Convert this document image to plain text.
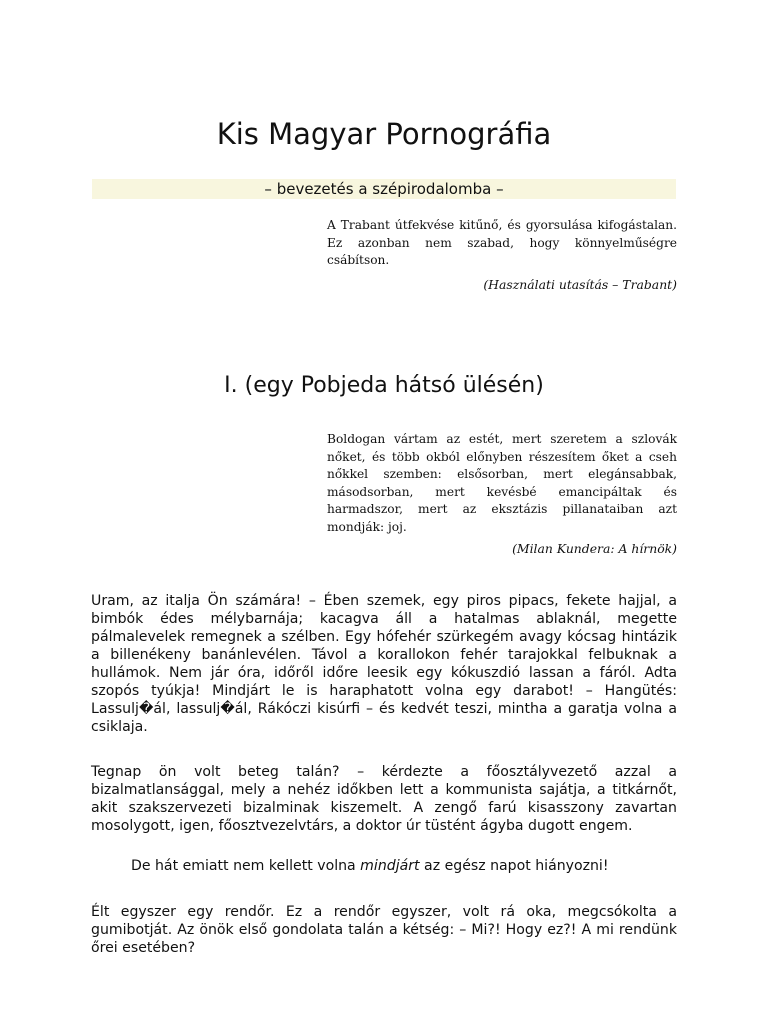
Kis Magyar Pornográfia

– bevezetés a szépirodalomba –

A Trabant útfekvése kitűnő, és gyorsulása kifogástalan. Ez azonban nem szabad, hogy könnyelműségre csábítson.

(Használati utasítás – Trabant)

I. (egy Pobjeda hátsó ülésén)

Boldogan vártam az estét, mert szeretem a szlovák nőket, és több okból előnyben részesítem őket a cseh nőkkel szemben: elsősorban, mert elegánsabbak, másodsorban, mert kevésbé emancipáltak és harmadszor, mert az eksztázis pillanataiban azt mondják: joj.

(Milan Kundera: A hírnök)

Uram, az italja Ön számára! – Ében szemek, egy piros pipacs, fekete hajjal, a bimbók édes mélybarnája; kacagva áll a hatalmas ablaknál, megette pálmalevelek remegnek a szélben. Egy hófehér szürkegém avagy kócsag hintázik a billenékeny banánlevélen. Távol a korallokon fehér tarajokkal felbuknak a hullámok. Nem jár óra, időről időre leesik egy kókuszdió lassan a fáról. Adta szopós tyúkja! Mindjárt le is haraphatott volna egy darabot! – Hangütés: Lassulj�ál, lassulj�ál, Rákóczi kisúrfi – és kedvét teszi, mintha a garatja volna a csiklaja.

Tegnap ön volt beteg talán? – kérdezte a főosztályvezető azzal a bizalmatlansággal, mely a nehéz időkben lett a kommunista sajátja, a titkárnőt, akit szakszervezeti bizalminak kiszemelt. A zengő farú kisasszony zavartan mosolygott, igen, főosztvezelvtárs, a doktor úr tüstént ágyba dugott engem.

De hát emiatt nem kellett volna mindjárt az egész napot hiányozni!

Élt egyszer egy rendőr. Ez a rendőr egyszer, volt rá oka, megcsókolta a gumibotját. Az önök első gondolata talán a kétség: – Mi?! Hogy ez?! A mi rendünk őrei esetében?
